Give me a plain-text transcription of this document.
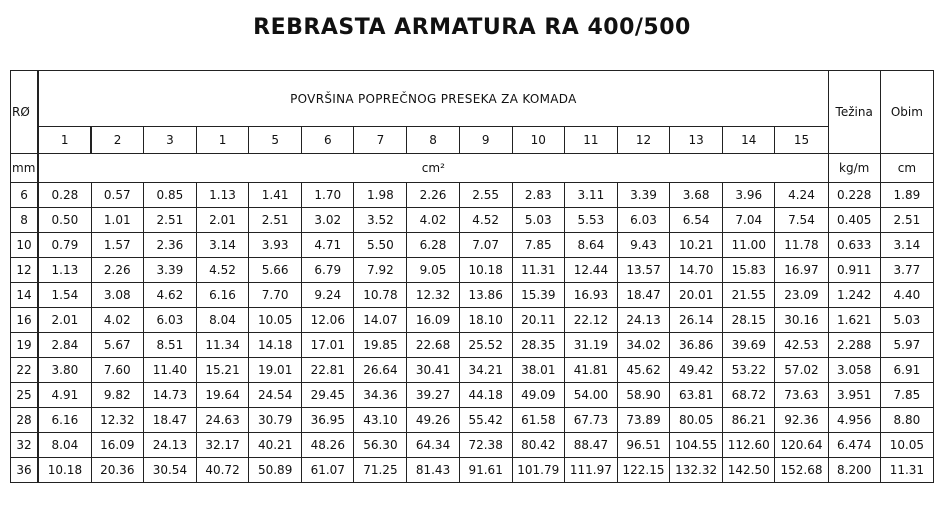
REBRASTA ARMATURA RA 400/500
RØ	POVRŠINA POPREČNOG PRESEKA ZA KOMADA															Težina	Obim
	1	2	3	1	5	6	7	8	9	10	11	12	13	14	15		
mm	cm²															kg/m	cm
6	0.28	0.57	0.85	1.13	1.41	1.70	1.98	2.26	2.55	2.83	3.11	3.39	3.68	3.96	4.24	0.228	1.89
8	0.50	1.01	2.51	2.01	2.51	3.02	3.52	4.02	4.52	5.03	5.53	6.03	6.54	7.04	7.54	0.405	2.51
10	0.79	1.57	2.36	3.14	3.93	4.71	5.50	6.28	7.07	7.85	8.64	9.43	10.21	11.00	11.78	0.633	3.14
12	1.13	2.26	3.39	4.52	5.66	6.79	7.92	9.05	10.18	11.31	12.44	13.57	14.70	15.83	16.97	0.911	3.77
14	1.54	3.08	4.62	6.16	7.70	9.24	10.78	12.32	13.86	15.39	16.93	18.47	20.01	21.55	23.09	1.242	4.40
16	2.01	4.02	6.03	8.04	10.05	12.06	14.07	16.09	18.10	20.11	22.12	24.13	26.14	28.15	30.16	1.621	5.03
19	2.84	5.67	8.51	11.34	14.18	17.01	19.85	22.68	25.52	28.35	31.19	34.02	36.86	39.69	42.53	2.288	5.97
22	3.80	7.60	11.40	15.21	19.01	22.81	26.64	30.41	34.21	38.01	41.81	45.62	49.42	53.22	57.02	3.058	6.91
25	4.91	9.82	14.73	19.64	24.54	29.45	34.36	39.27	44.18	49.09	54.00	58.90	63.81	68.72	73.63	3.951	7.85
28	6.16	12.32	18.47	24.63	30.79	36.95	43.10	49.26	55.42	61.58	67.73	73.89	80.05	86.21	92.36	4.956	8.80
32	8.04	16.09	24.13	32.17	40.21	48.26	56.30	64.34	72.38	80.42	88.47	96.51	104.55	112.60	120.64	6.474	10.05
36	10.18	20.36	30.54	40.72	50.89	61.07	71.25	81.43	91.61	101.79	111.97	122.15	132.32	142.50	152.68	8.200	11.31
